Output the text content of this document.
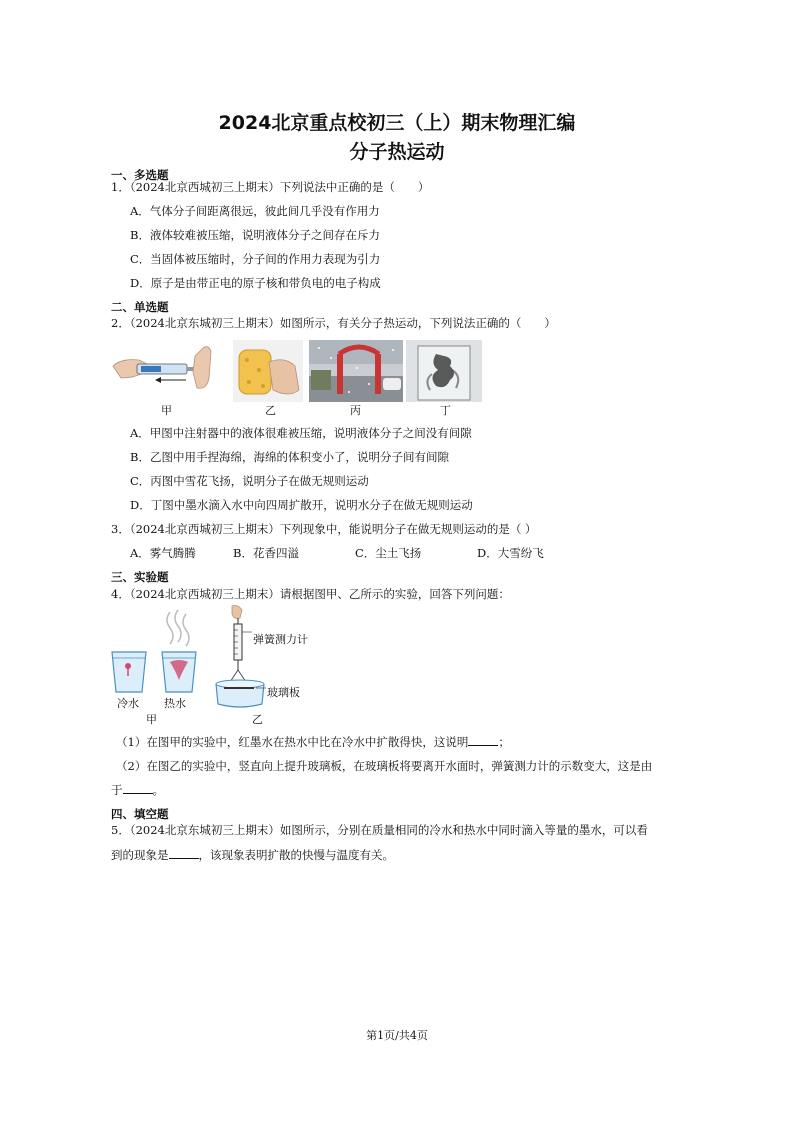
2024北京重点校初三（上）期末物理汇编
分子热运动
一、多选题
1．（2024北京西城初三上期末）下列说法中正确的是（　　）
A．气体分子间距离很远，彼此间几乎没有作用力
B．液体较难被压缩，说明液体分子之间存在斥力
C．当固体被压缩时，分子间的作用力表现为引力
D．原子是由带正电的原子核和带负电的电子构成
二、单选题
2．（2024北京东城初三上期末）如图所示，有关分子热运动，下列说法正确的（　　）
甲	乙	丙	丁
A．甲图中注射器中的液体很难被压缩，说明液体分子之间没有间隙
B．乙图中用手捏海绵，海绵的体积变小了，说明分子间有间隙
C．丙图中雪花飞扬，说明分子在做无规则运动
D．丁图中墨水滴入水中向四周扩散开，说明水分子在做无规则运动
3．（2024北京西城初三上期末）下列现象中，能说明分子在做无规则运动的是（ ）
A．雾气腾腾	B．花香四溢	C．尘土飞扬	D．大雪纷飞
三、实验题
4．（2024北京西城初三上期末）请根据图甲、乙所示的实验，回答下列问题：
冷水 热水
甲
弹簧测力计
玻璃板
乙
（1）在图甲的实验中，红墨水在热水中比在冷水中扩散得快，这说明	；
（2）在图乙的实验中，竖直向上提升玻璃板，在玻璃板将要离开水面时，弹簧测力计的示数变大，这是由
于	。
四、填空题
5．（2024北京东城初三上期末）如图所示，分别在质量相同的冷水和热水中同时滴入等量的墨水，可以看
到的现象是	，该现象表明扩散的快慢与温度有关。
第1页/共4页
